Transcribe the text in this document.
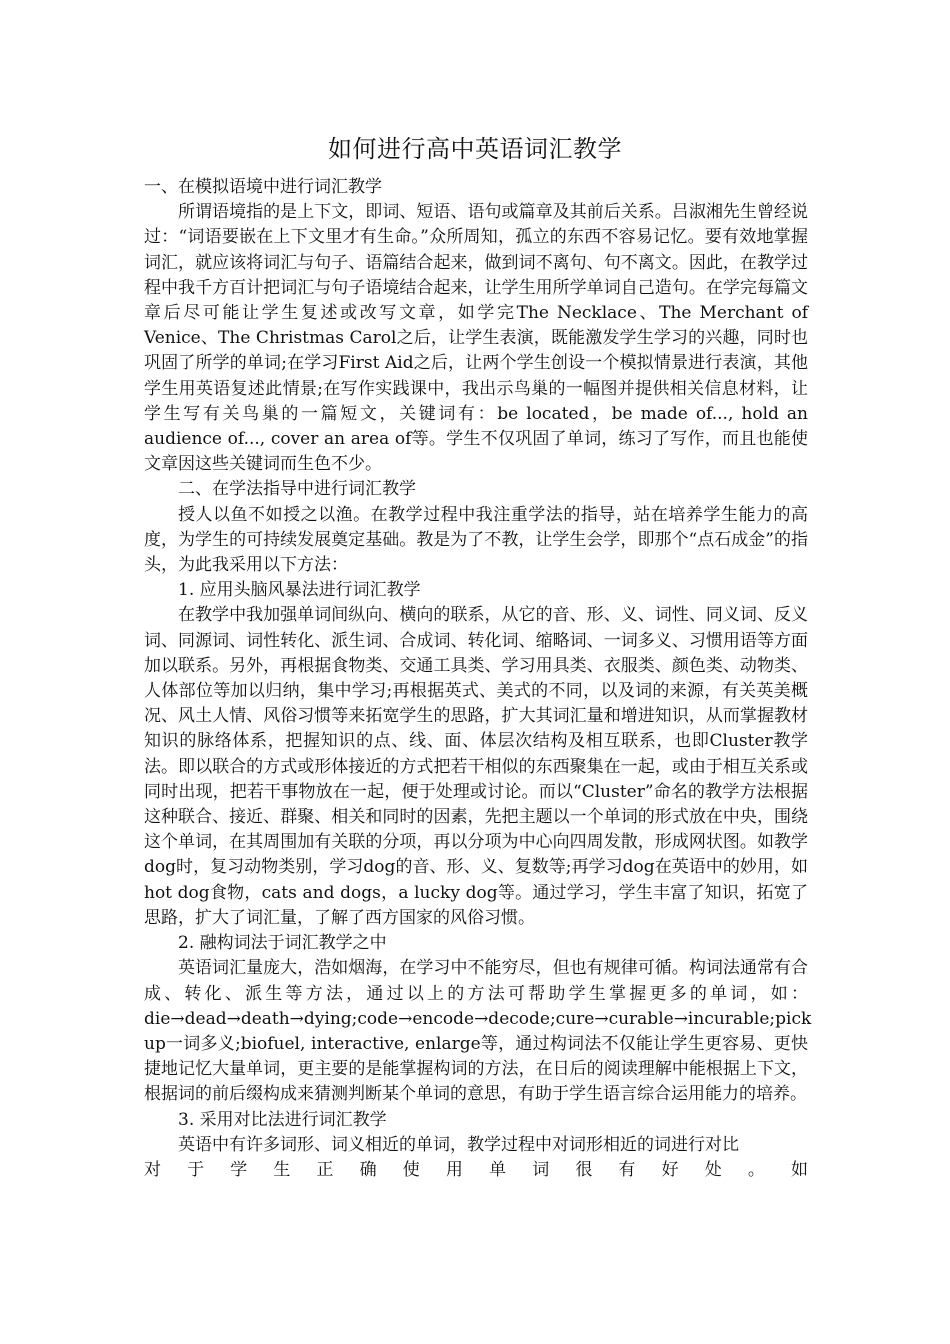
如何进行高中英语词汇教学

一、在模拟语境中进行词汇教学

所谓语境指的是上下文，即词、短语、语句或篇章及其前后关系。吕淑湘先生曾经说过：“词语要嵌在上下文里才有生命。”众所周知，孤立的东西不容易记忆。要有效地掌握词汇，就应该将词汇与句子、语篇结合起来，做到词不离句、句不离文。因此，在教学过程中我千方百计把词汇与句子语境结合起来，让学生用所学单词自己造句。在学完每篇文章后尽可能让学生复述或改写文章，如学完The Necklace、The Merchant of Venice、The Christmas Carol之后，让学生表演，既能激发学生学习的兴趣，同时也巩固了所学的单词;在学习First Aid之后，让两个学生创设一个模拟情景进行表演，其他学生用英语复述此情景;在写作实践课中，我出示鸟巢的一幅图并提供相关信息材料，让学生写有关鸟巢的一篇短文，关键词有：be located，be made of..., hold an audience of..., cover an area of等。学生不仅巩固了单词，练习了写作，而且也能使文章因这些关键词而生色不少。

二、在学法指导中进行词汇教学

授人以鱼不如授之以渔。在教学过程中我注重学法的指导，站在培养学生能力的高度，为学生的可持续发展奠定基础。教是为了不教，让学生会学，即那个“点石成金”的指头，为此我采用以下方法：

1. 应用头脑风暴法进行词汇教学

在教学中我加强单词间纵向、横向的联系，从它的音、形、义、词性、同义词、反义词、同源词、词性转化、派生词、合成词、转化词、缩略词、一词多义、习惯用语等方面加以联系。另外，再根据食物类、交通工具类、学习用具类、衣服类、颜色类、动物类、人体部位等加以归纳，集中学习;再根据英式、美式的不同，以及词的来源，有关英美概况、风土人情、风俗习惯等来拓宽学生的思路，扩大其词汇量和增进知识，从而掌握教材知识的脉络体系，把握知识的点、线、面、体层次结构及相互联系，也即Cluster教学法。即以联合的方式或形体接近的方式把若干相似的东西聚集在一起，或由于相互关系或同时出现，把若干事物放在一起，便于处理或讨论。而以“Cluster”命名的教学方法根据这种联合、接近、群聚、相关和同时的因素，先把主题以一个单词的形式放在中央，围绕这个单词，在其周围加有关联的分项，再以分项为中心向四周发散，形成网状图。如教学dog时，复习动物类别，学习dog的音、形、义、复数等;再学习dog在英语中的妙用，如hot dog食物，cats and dogs，a lucky dog等。通过学习，学生丰富了知识，拓宽了思路，扩大了词汇量，了解了西方国家的风俗习惯。

2. 融构词法于词汇教学之中

英语词汇量庞大，浩如烟海，在学习中不能穷尽，但也有规律可循。构词法通常有合成、转化、派生等方法，通过以上的方法可帮助学生掌握更多的单词，如：die→dead→death→dying;code→encode→decode;cure→curable→incurable;pick up一词多义;biofuel, interactive, enlarge等，通过构词法不仅能让学生更容易、更快捷地记忆大量单词，更主要的是能掌握构词的方法，在日后的阅读理解中能根据上下文，根据词的前后缀构成来猜测判断某个单词的意思，有助于学生语言综合运用能力的培养。

3. 采用对比法进行词汇教学

英语中有许多词形、词义相近的单词，教学过程中对词形相近的词进行对比

对于学生正确使用单词很有好处。如
